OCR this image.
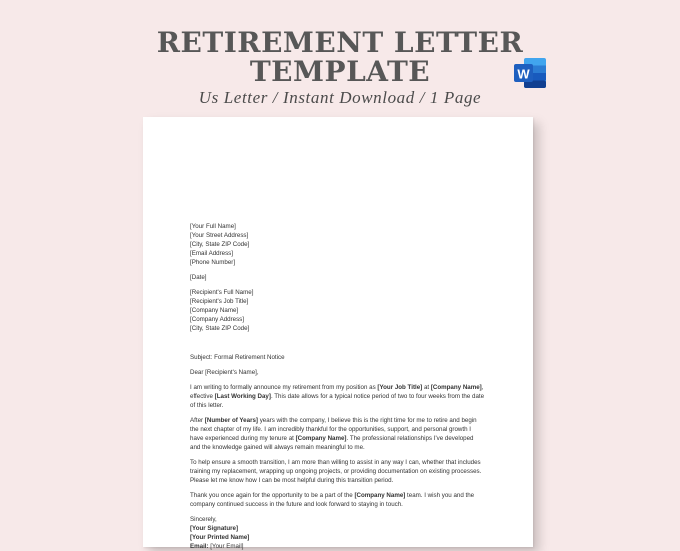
RETIREMENT LETTER
TEMPLATE	W
Us Letter / Instant Download / 1 Page
[Your Full Name]
[Your Street Address]
[City, State ZIP Code]
[Email Address]
[Phone Number]
[Date]
[Recipient's Full Name]
[Recipient's Job Title]
[Company Name]
[Company Address]
[City, State ZIP Code]

Subject: Formal Retirement Notice

Dear [Recipient's Name],

I am writing to formally announce my retirement from my position as [Your Job Title] at [Company Name], effective [Last Working Day]. This date allows for a typical notice period of two to four weeks from the date of this letter.

After [Number of Years] years with the company, I believe this is the right time for me to retire and begin the next chapter of my life. I am incredibly thankful for the opportunities, support, and personal growth I have experienced during my tenure at [Company Name]. The professional relationships I've developed and the knowledge gained will always remain meaningful to me.

To help ensure a smooth transition, I am more than willing to assist in any way I can, whether that includes training my replacement, wrapping up ongoing projects, or providing documentation on existing processes. Please let me know how I can be most helpful during this transition period.

Thank you once again for the opportunity to be a part of the [Company Name] team. I wish you and the company continued success in the future and look forward to staying in touch.

Sincerely,
[Your Signature]
[Your Printed Name]
Email: [Your Email]
